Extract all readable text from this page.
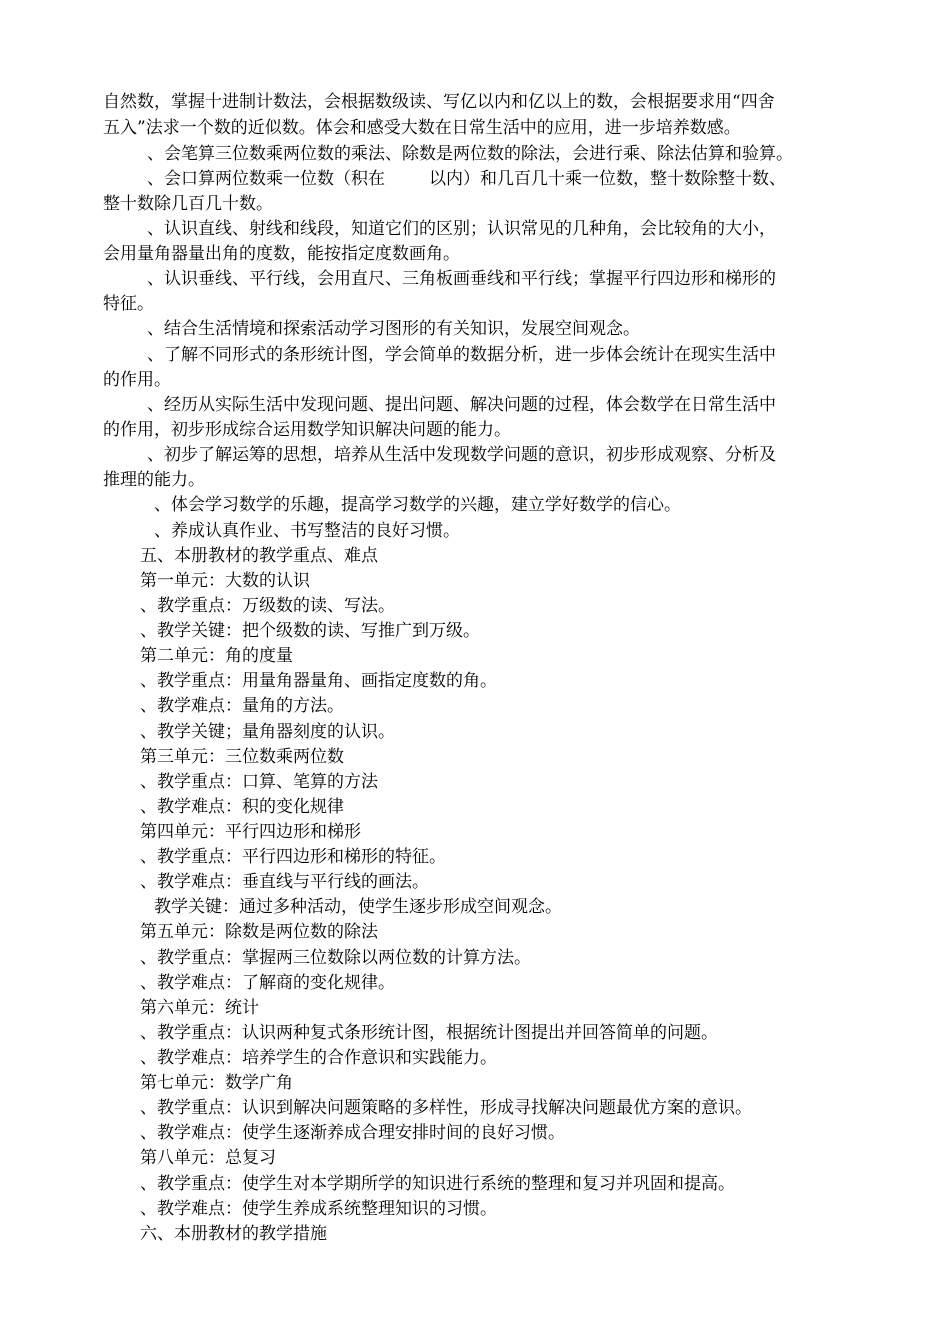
自然数，掌握十进制计数法，会根据数级读、写亿以内和亿以上的数，会根据要求用“四舍
五入”法求一个数的近似数。体会和感受大数在日常生活中的应用，进一步培养数感。
、会笔算三位数乘两位数的乘法、除数是两位数的除法，会进行乘、除法估算和验算。
、会口算两位数乘一位数（积在	以内）和几百几十乘一位数，整十数除整十数、
整十数除几百几十数。
、认识直线、射线和线段，知道它们的区别；认识常见的几种角，会比较角的大小，
会用量角器量出角的度数，能按指定度数画角。
、认识垂线、平行线，会用直尺、三角板画垂线和平行线；掌握平行四边形和梯形的
特征。
、结合生活情境和探索活动学习图形的有关知识，发展空间观念。
、了解不同形式的条形统计图，学会简单的数据分析，进一步体会统计在现实生活中
的作用。
、经历从实际生活中发现问题、提出问题、解决问题的过程，体会数学在日常生活中
的作用，初步形成综合运用数学知识解决问题的能力。
、初步了解运筹的思想，培养从生活中发现数学问题的意识，初步形成观察、分析及
推理的能力。
、体会学习数学的乐趣，提高学习数学的兴趣，建立学好数学的信心。
、养成认真作业、书写整洁的良好习惯。
五、本册教材的教学重点、难点
第一单元：大数的认识
、教学重点：万级数的读、写法。
、教学关键：把个级数的读、写推广到万级。
第二单元：角的度量
、教学重点：用量角器量角、画指定度数的角。
、教学难点：量角的方法。
、教学关键；量角器刻度的认识。
第三单元：三位数乘两位数
、教学重点：口算、笔算的方法
、教学难点：积的变化规律
第四单元：平行四边形和梯形
、教学重点：平行四边形和梯形的特征。
、教学难点：垂直线与平行线的画法。
教学关键：通过多种活动，使学生逐步形成空间观念。
第五单元：除数是两位数的除法
、教学重点：掌握两三位数除以两位数的计算方法。
、教学难点：了解商的变化规律。
第六单元：统计
、教学重点：认识两种复式条形统计图，根据统计图提出并回答简单的问题。
、教学难点：培养学生的合作意识和实践能力。
第七单元：数学广角
、教学重点：认识到解决问题策略的多样性，形成寻找解决问题最优方案的意识。
、教学难点：使学生逐渐养成合理安排时间的良好习惯。
第八单元：总复习
、教学重点：使学生对本学期所学的知识进行系统的整理和复习并巩固和提高。
、教学难点：使学生养成系统整理知识的习惯。
六、本册教材的教学措施
